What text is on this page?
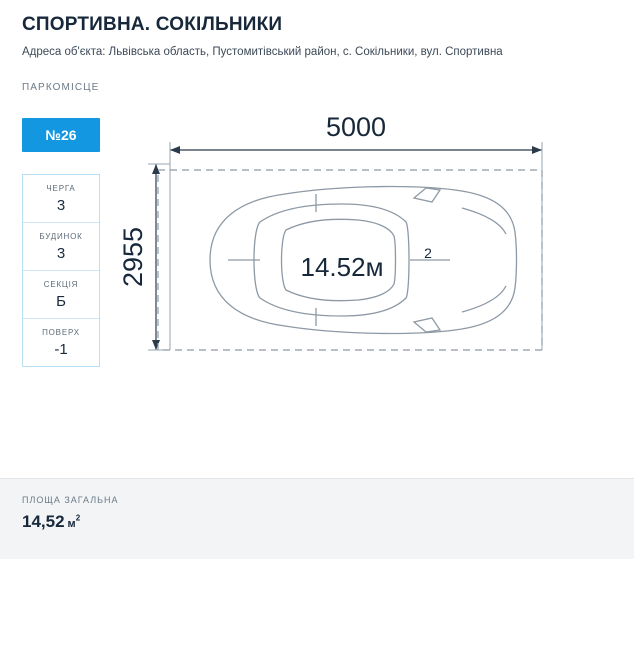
СПОРТИВНА. СОКІЛЬНИКИ

Адреса об'єкта: Львівська область, Пустомитівський район, с. Сокільники, вул. Спортивна

ПАРКОМІСЦЕ
№26
ЧЕРГА
3
БУДИНОК
3
СЕКЦІЯ
Б
ПОВЕРХ
-1
5000
2955	14.52м	2
ПЛОЩА ЗАГАЛЬНА
14,52 $м^2$
